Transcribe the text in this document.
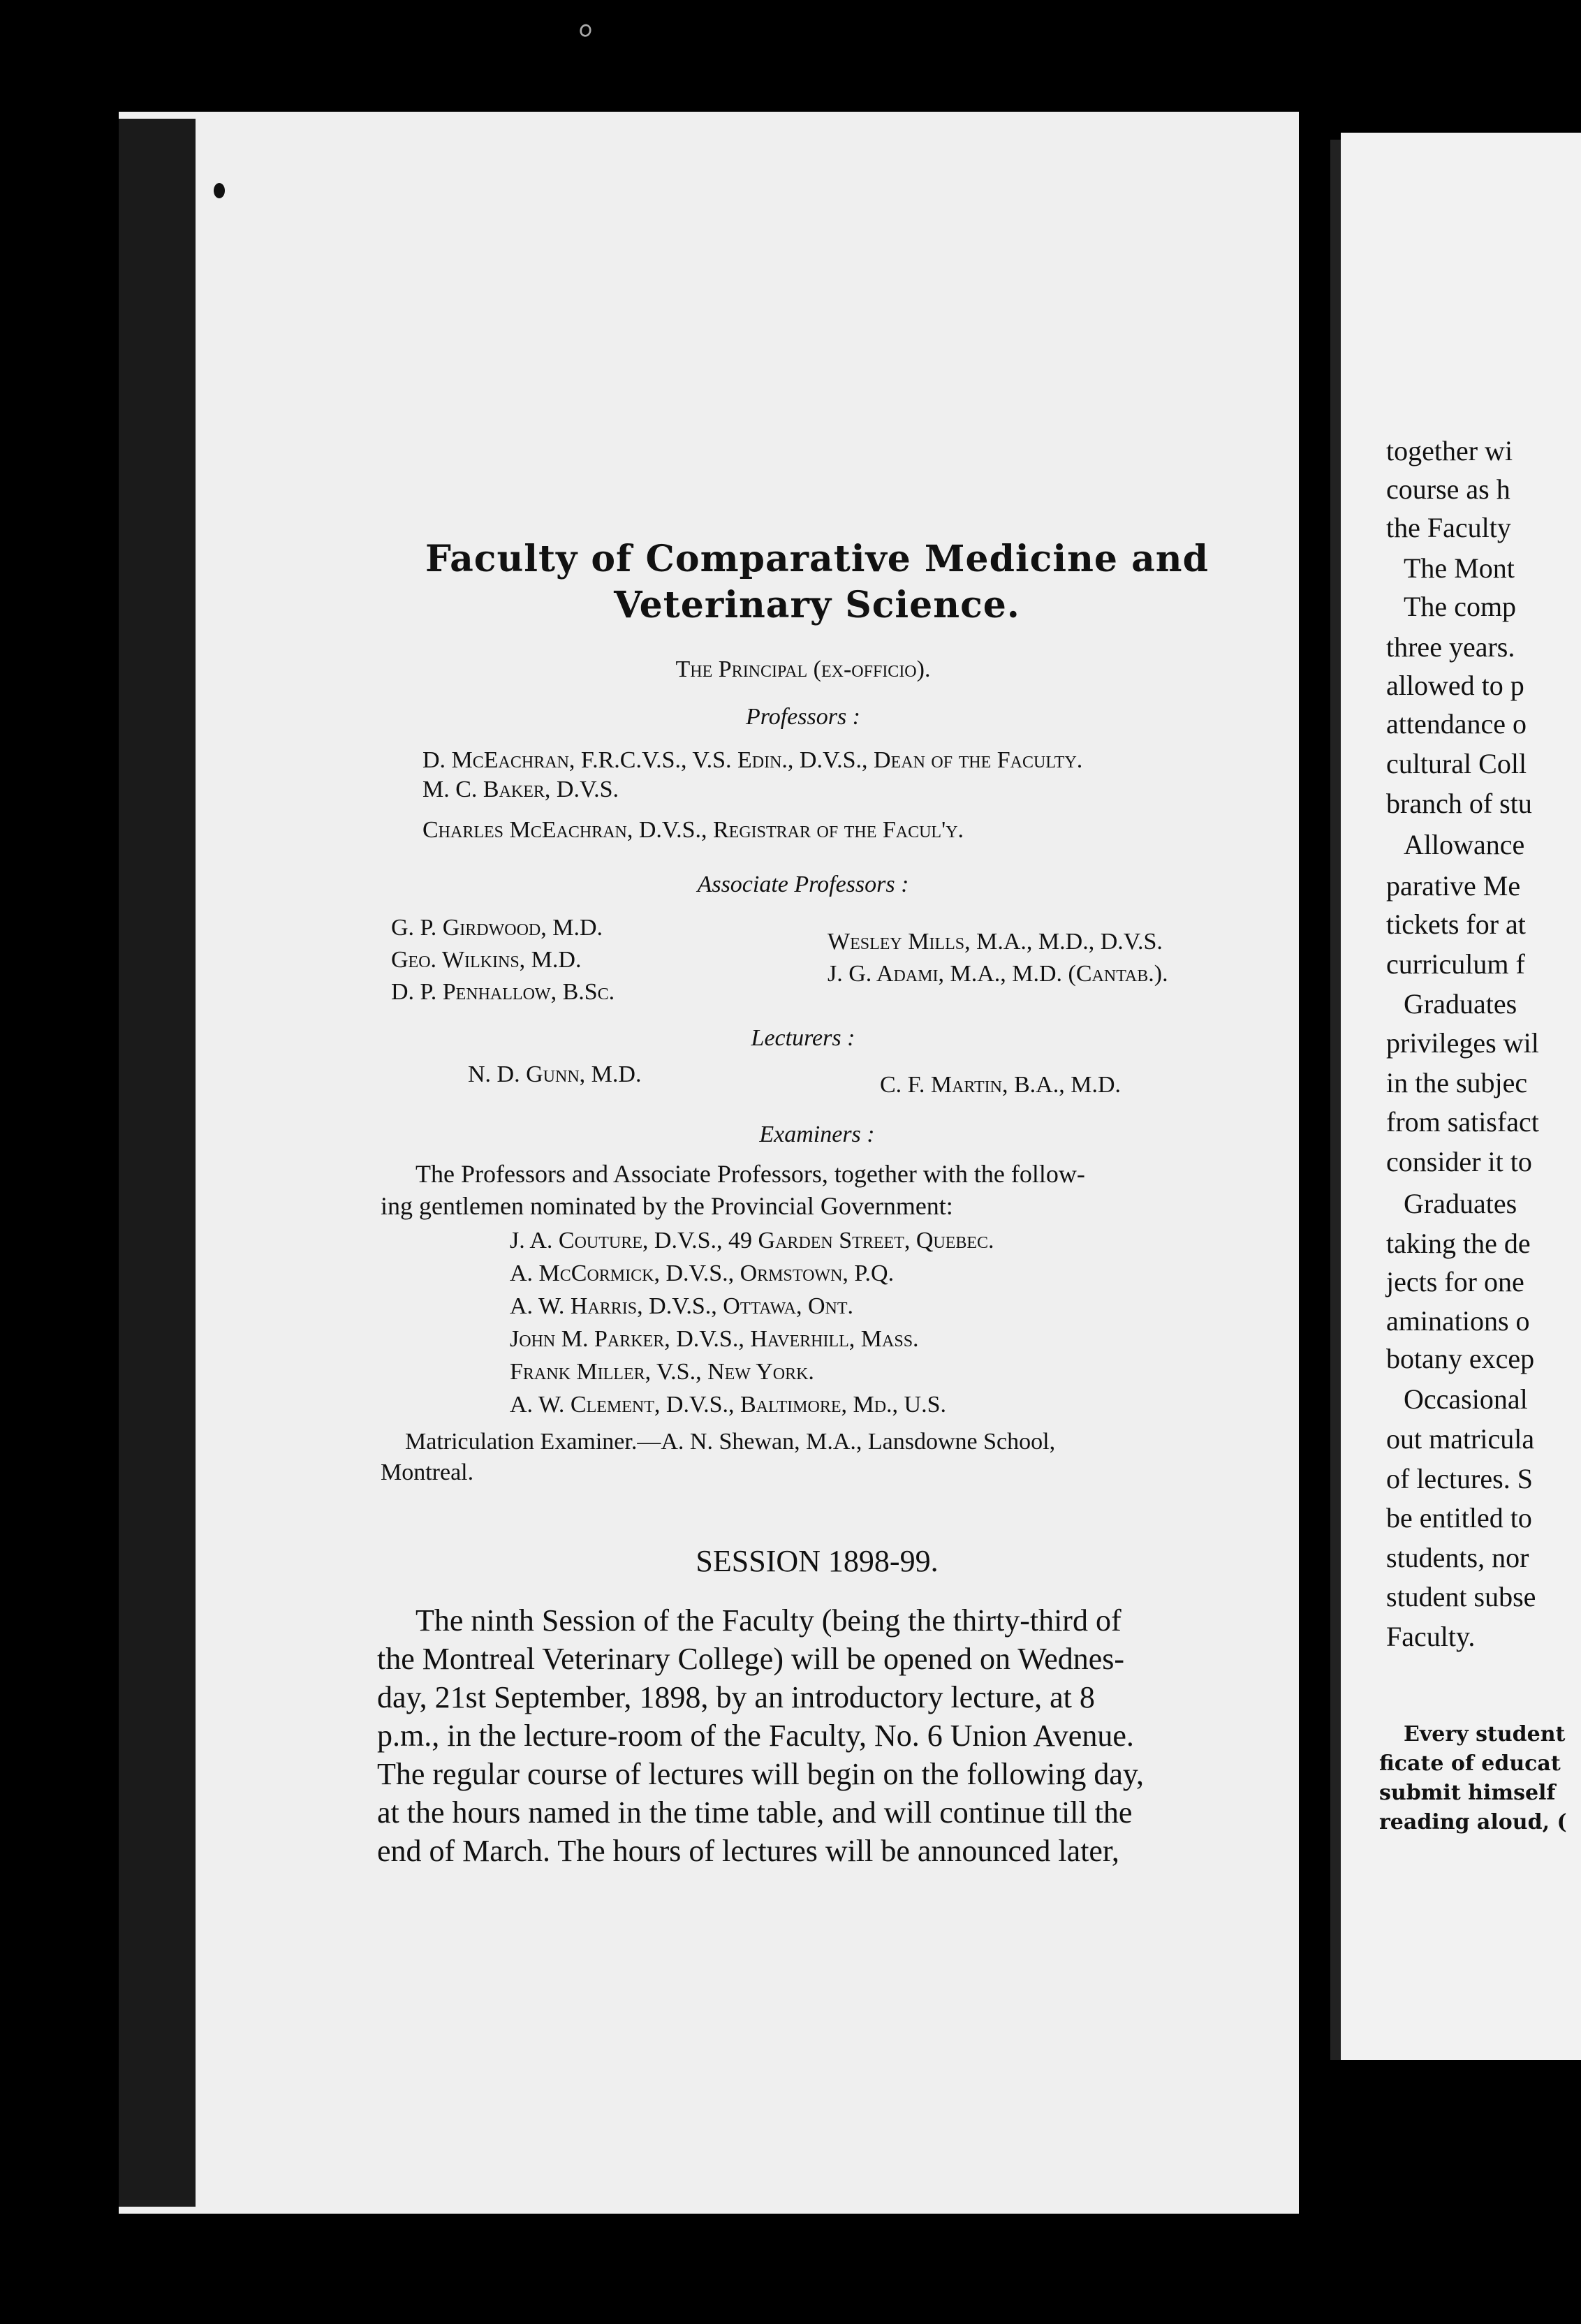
ﾟ
Faculty of Comparative Medicine and
Veterinary Science.
The Principal (ex-officio).
Professors :
D. McEachran, F.R.C.V.S., V.S. Edin., D.V.S., Dean of the Faculty.
M. C. Baker, D.V.S.
Charles McEachran, D.V.S., Registrar of the Facul'y.
Associate Professors :
G. P. Girdwood, M.D.
Geo. Wilkins, M.D.
D. P. Penhallow, B.Sc.
Wesley Mills, M.A., M.D., D.V.S.
J. G. Adami, M.A., M.D. (Cantab.).
Lecturers :
N. D. Gunn, M.D.	C. F. Martin, B.A., M.D.
Examiners :
The Professors and Associate Professors, together with the follow-
ing gentlemen nominated by the Provincial Government:
J. A. Couture, D.V.S., 49 Garden Street, Quebec.
A. McCormick, D.V.S., Ormstown, P.Q.
A. W. Harris, D.V.S., Ottawa, Ont.
John M. Parker, D.V.S., Haverhill, Mass.
Frank Miller, V.S., New York.
A. W. Clement, D.V.S., Baltimore, Md., U.S.
Matriculation Examiner.—A. N. Shewan, M.A., Lansdowne School,
Montreal.
SESSION 1898-99.
The ninth Session of the Faculty (being the thirty-third of
the Montreal Veterinary College) will be opened on Wednes-
day, 21st September, 1898, by an introductory lecture, at 8
p.m., in the lecture-room of the Faculty, No. 6 Union Avenue.
The regular course of lectures will begin on the following day,
at the hours named in the time table, and will continue till the
end of March. The hours of lectures will be announced later,
together wi
course as h
the Faculty
The Mont
The comp
three years.
allowed to p
attendance o
cultural Coll
branch of stu
Allowance
parative Me
tickets for at
curriculum f
Graduates
privileges wil
in the subjec
from satisfact
consider it to
Graduates
taking the de
jects for one
aminations o
botany excep
Occasional
out matricula
of lectures. S
be entitled to
students, nor
student subse
Faculty.
Every student
ficate of educat
submit himself
reading aloud, (
